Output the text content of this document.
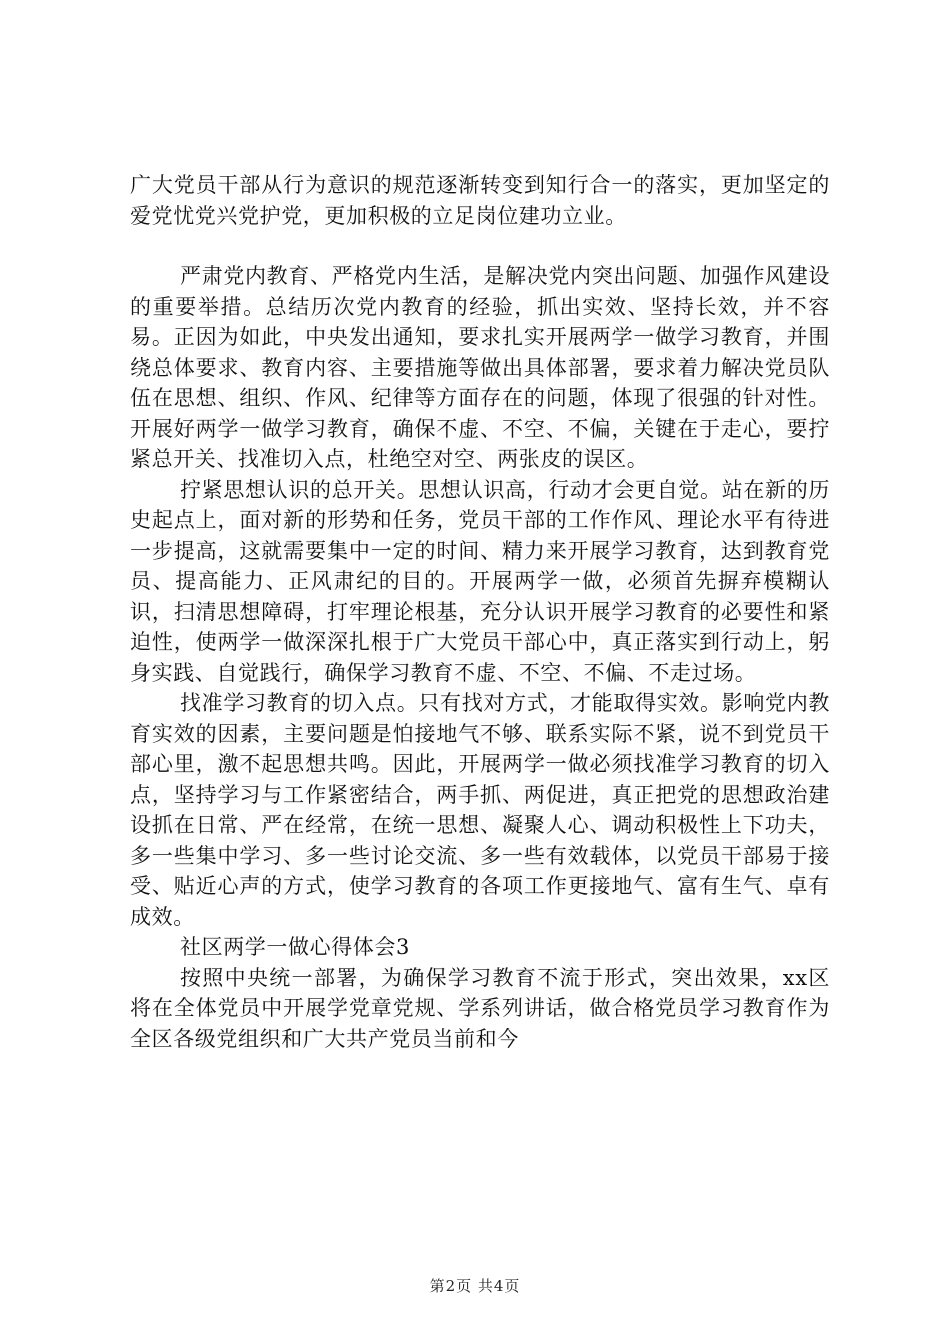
广大党员干部从行为意识的规范逐渐转变到知行合一的落实，更加坚定的爱党忧党兴党护党，更加积极的立足岗位建功立业。

严肃党内教育、严格党内生活，是解决党内突出问题、加强作风建设的重要举措。总结历次党内教育的经验，抓出实效、坚持长效，并不容易。正因为如此，中央发出通知，要求扎实开展两学一做学习教育，并围绕总体要求、教育内容、主要措施等做出具体部署，要求着力解决党员队伍在思想、组织、作风、纪律等方面存在的问题，体现了很强的针对性。开展好两学一做学习教育，确保不虚、不空、不偏，关键在于走心，要拧紧总开关、找准切入点，杜绝空对空、两张皮的误区。

拧紧思想认识的总开关。思想认识高，行动才会更自觉。站在新的历史起点上，面对新的形势和任务，党员干部的工作作风、理论水平有待进一步提高，这就需要集中一定的时间、精力来开展学习教育，达到教育党员、提高能力、正风肃纪的目的。开展两学一做，必须首先摒弃模糊认识，扫清思想障碍，打牢理论根基，充分认识开展学习教育的必要性和紧迫性，使两学一做深深扎根于广大党员干部心中，真正落实到行动上，躬身实践、自觉践行，确保学习教育不虚、不空、不偏、不走过场。

找准学习教育的切入点。只有找对方式，才能取得实效。影响党内教育实效的因素，主要问题是怕接地气不够、联系实际不紧，说不到党员干部心里，激不起思想共鸣。因此，开展两学一做必须找准学习教育的切入点，坚持学习与工作紧密结合，两手抓、两促进，真正把党的思想政治建设抓在日常、严在经常，在统一思想、凝聚人心、调动积极性上下功夫，多一些集中学习、多一些讨论交流、多一些有效载体，以党员干部易于接受、贴近心声的方式，使学习教育的各项工作更接地气、富有生气、卓有成效。

社区两学一做心得体会3

按照中央统一部署，为确保学习教育不流于形式，突出效果，xx区将在全体党员中开展学党章党规、学系列讲话，做合格党员学习教育作为全区各级党组织和广大共产党员当前和今

第2页 共4页
